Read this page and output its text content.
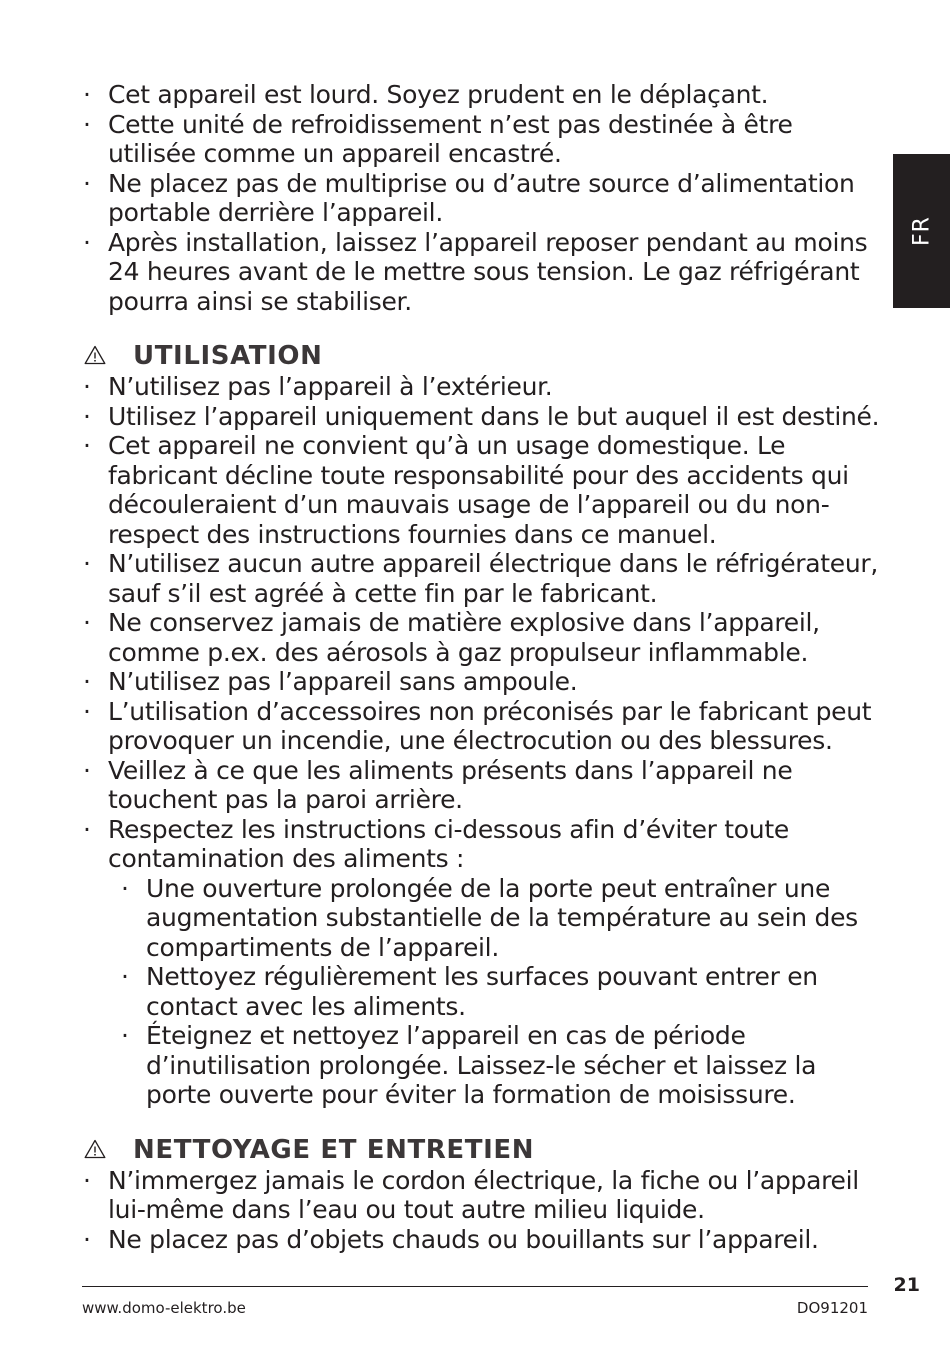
FR
· Cet appareil est lourd. Soyez prudent en le déplaçant.
· Cette unité de refroidissement n’est pas destinée à être utilisée comme un appareil encastré.
· Ne placez pas de multiprise ou d’autre source d’alimentation portable derrière l’appareil.
· Après installation, laissez l’appareil reposer pendant au moins 24 heures avant de le mettre sous tension. Le gaz réfrigérant pourra ainsi se stabiliser.
UTILISATION
· N’utilisez pas l’appareil à l’extérieur.
· Utilisez l’appareil uniquement dans le but auquel il est destiné.
· Cet appareil ne convient qu’à un usage domestique. Le fabricant décline toute responsabilité pour des accidents qui découleraient d’un mauvais usage de l’appareil ou du non-respect des instructions fournies dans ce manuel.
· N’utilisez aucun autre appareil électrique dans le réfrigérateur, sauf s’il est agréé à cette fin par le fabricant.
· Ne conservez jamais de matière explosive dans l’appareil, comme p.ex. des aérosols à gaz propulseur inflammable.
· N’utilisez pas l’appareil sans ampoule.
· L’utilisation d’accessoires non préconisés par le fabricant peut provoquer un incendie, une électrocution ou des blessures.
· Veillez à ce que les aliments présents dans l’appareil ne touchent pas la paroi arrière.
· Respectez les instructions ci-dessous afin d’éviter toute contamination des aliments :
· Une ouverture prolongée de la porte peut entraîner une augmentation substantielle de la température au sein des compartiments de l’appareil.
· Nettoyez régulièrement les surfaces pouvant entrer en contact avec les aliments.
· Éteignez et nettoyez l’appareil en cas de période d’inutilisation prolongée. Laissez-le sécher et laissez la porte ouverte pour éviter la formation de moisissure.
NETTOYAGE ET ENTRETIEN
· N’immergez jamais le cordon électrique, la fiche ou l’appareil lui-même dans l’eau ou tout autre milieu liquide.
· Ne placez pas d’objets chauds ou bouillants sur l’appareil.
21
www.domo-elektro.be	DO91201
